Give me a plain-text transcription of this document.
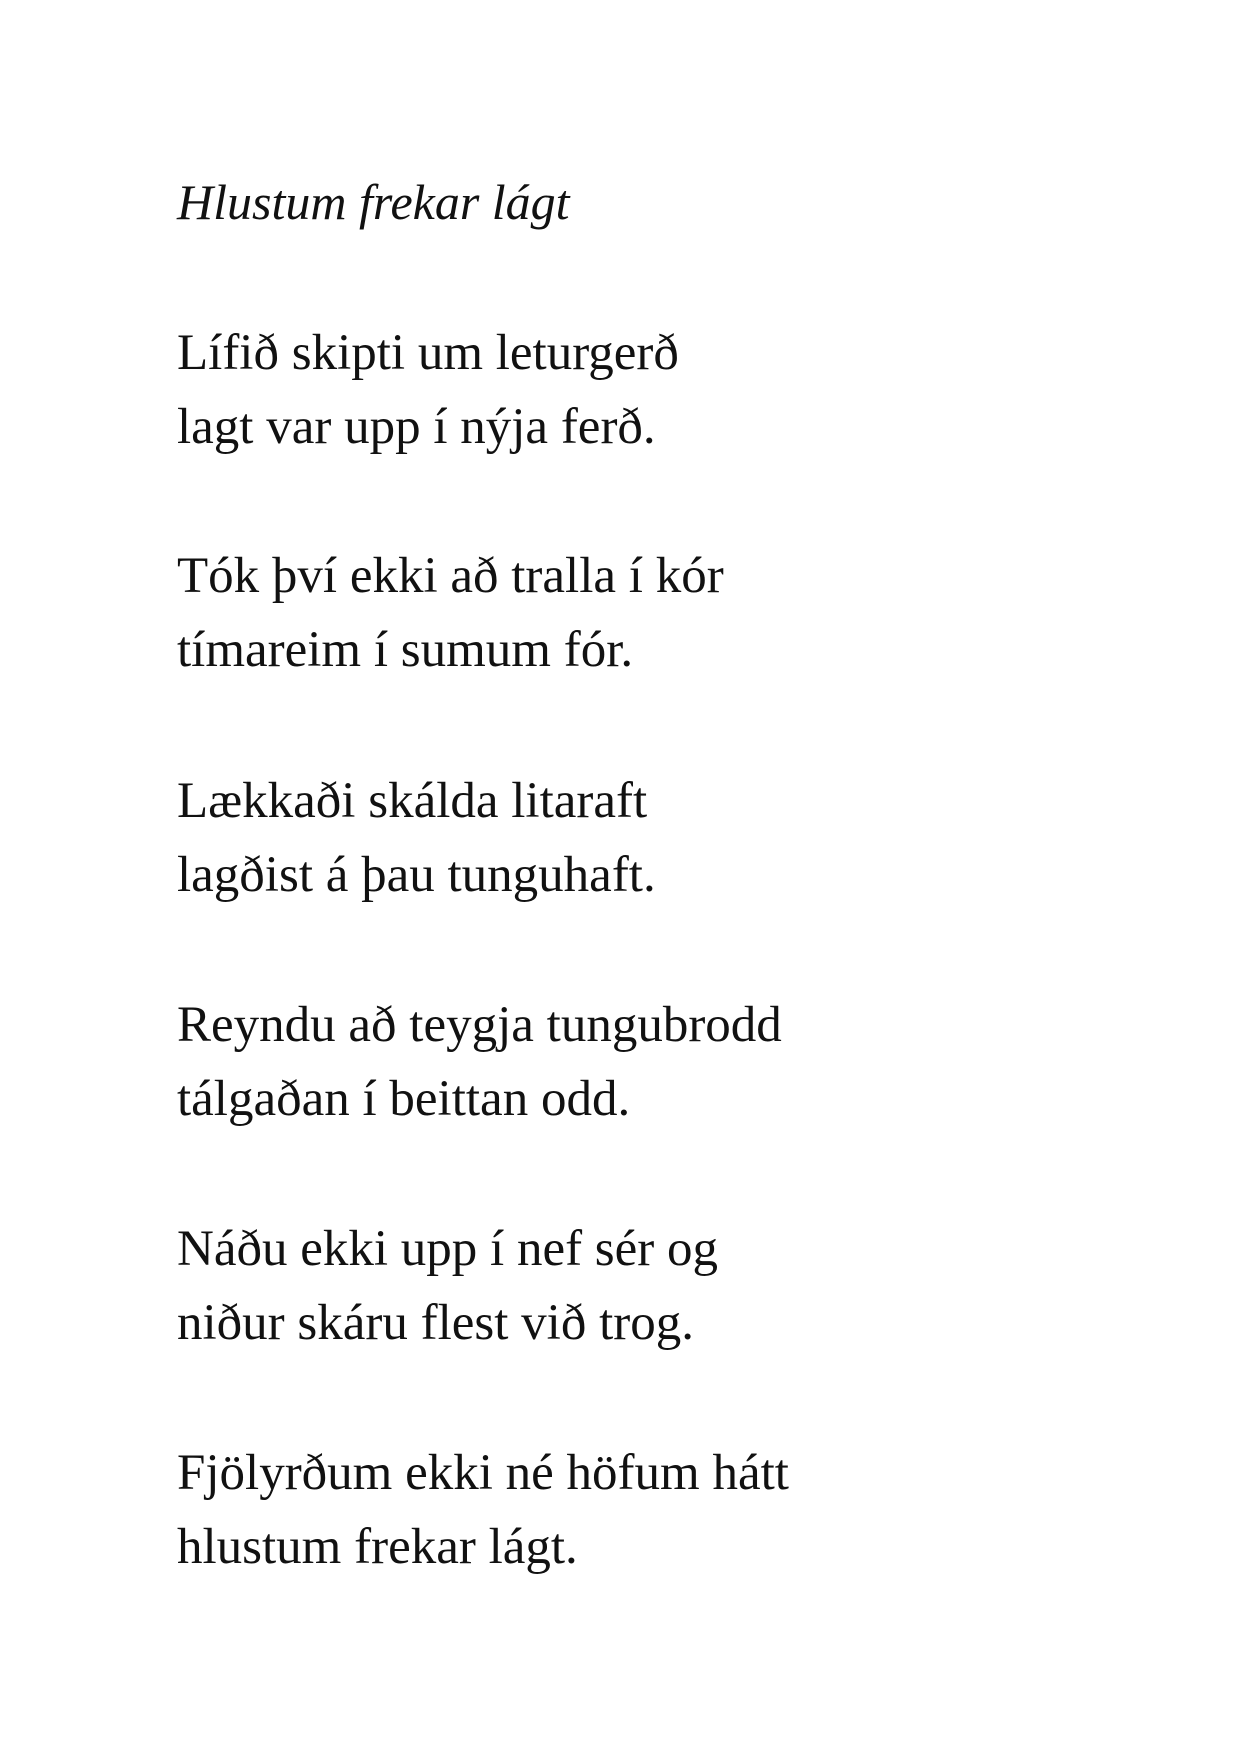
Hlustum frekar lágt

Lífið skipti um leturgerð
lagt var upp í nýja ferð.

Tók því ekki að tralla í kór
tímareim í sumum fór.

Lækkaði skálda litaraft
lagðist á þau tunguhaft.

Reyndu að teygja tungubrodd
tálgaðan í beittan odd.

Náðu ekki upp í nef sér og
niður skáru flest við trog.

Fjölyrðum ekki né höfum hátt
hlustum frekar lágt.
